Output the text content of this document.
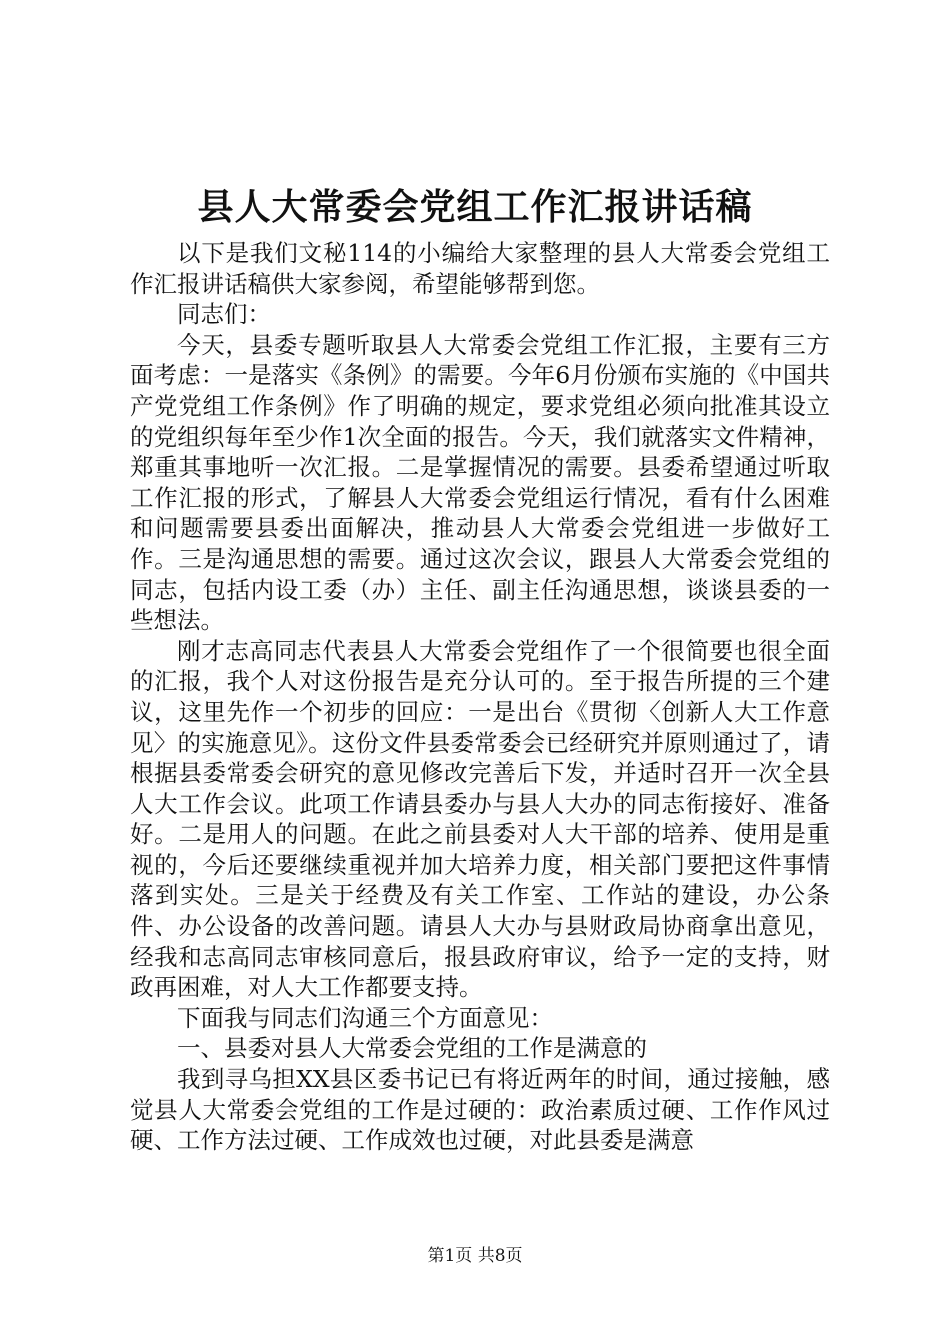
县人大常委会党组工作汇报讲话稿

以下是我们文秘114的小编给大家整理的县人大常委会党组工作汇报讲话稿供大家参阅，希望能够帮到您。

同志们：

今天，县委专题听取县人大常委会党组工作汇报，主要有三方面考虑：一是落实《条例》的需要。今年6月份颁布实施的《中国共产党党组工作条例》作了明确的规定，要求党组必须向批准其设立的党组织每年至少作1次全面的报告。今天，我们就落实文件精神，郑重其事地听一次汇报。二是掌握情况的需要。县委希望通过听取工作汇报的形式，了解县人大常委会党组运行情况，看有什么困难和问题需要县委出面解决，推动县人大常委会党组进一步做好工作。三是沟通思想的需要。通过这次会议，跟县人大常委会党组的同志，包括内设工委（办）主任、副主任沟通思想，谈谈县委的一些想法。

刚才志高同志代表县人大常委会党组作了一个很简要也很全面的汇报，我个人对这份报告是充分认可的。至于报告所提的三个建议，这里先作一个初步的回应：一是出台《贯彻〈创新人大工作意见〉的实施意见》。这份文件县委常委会已经研究并原则通过了，请根据县委常委会研究的意见修改完善后下发，并适时召开一次全县人大工作会议。此项工作请县委办与县人大办的同志衔接好、准备好。二是用人的问题。在此之前县委对人大干部的培养、使用是重视的，今后还要继续重视并加大培养力度，相关部门要把这件事情落到实处。三是关于经费及有关工作室、工作站的建设，办公条件、办公设备的改善问题。请县人大办与县财政局协商拿出意见，经我和志高同志审核同意后，报县政府审议，给予一定的支持，财政再困难，对人大工作都要支持。

下面我与同志们沟通三个方面意见：

一、县委对县人大常委会党组的工作是满意的

我到寻乌担XX县区委书记已有将近两年的时间，通过接触，感觉县人大常委会党组的工作是过硬的：政治素质过硬、工作作风过硬、工作方法过硬、工作成效也过硬，对此县委是满意

第1页 共8页
